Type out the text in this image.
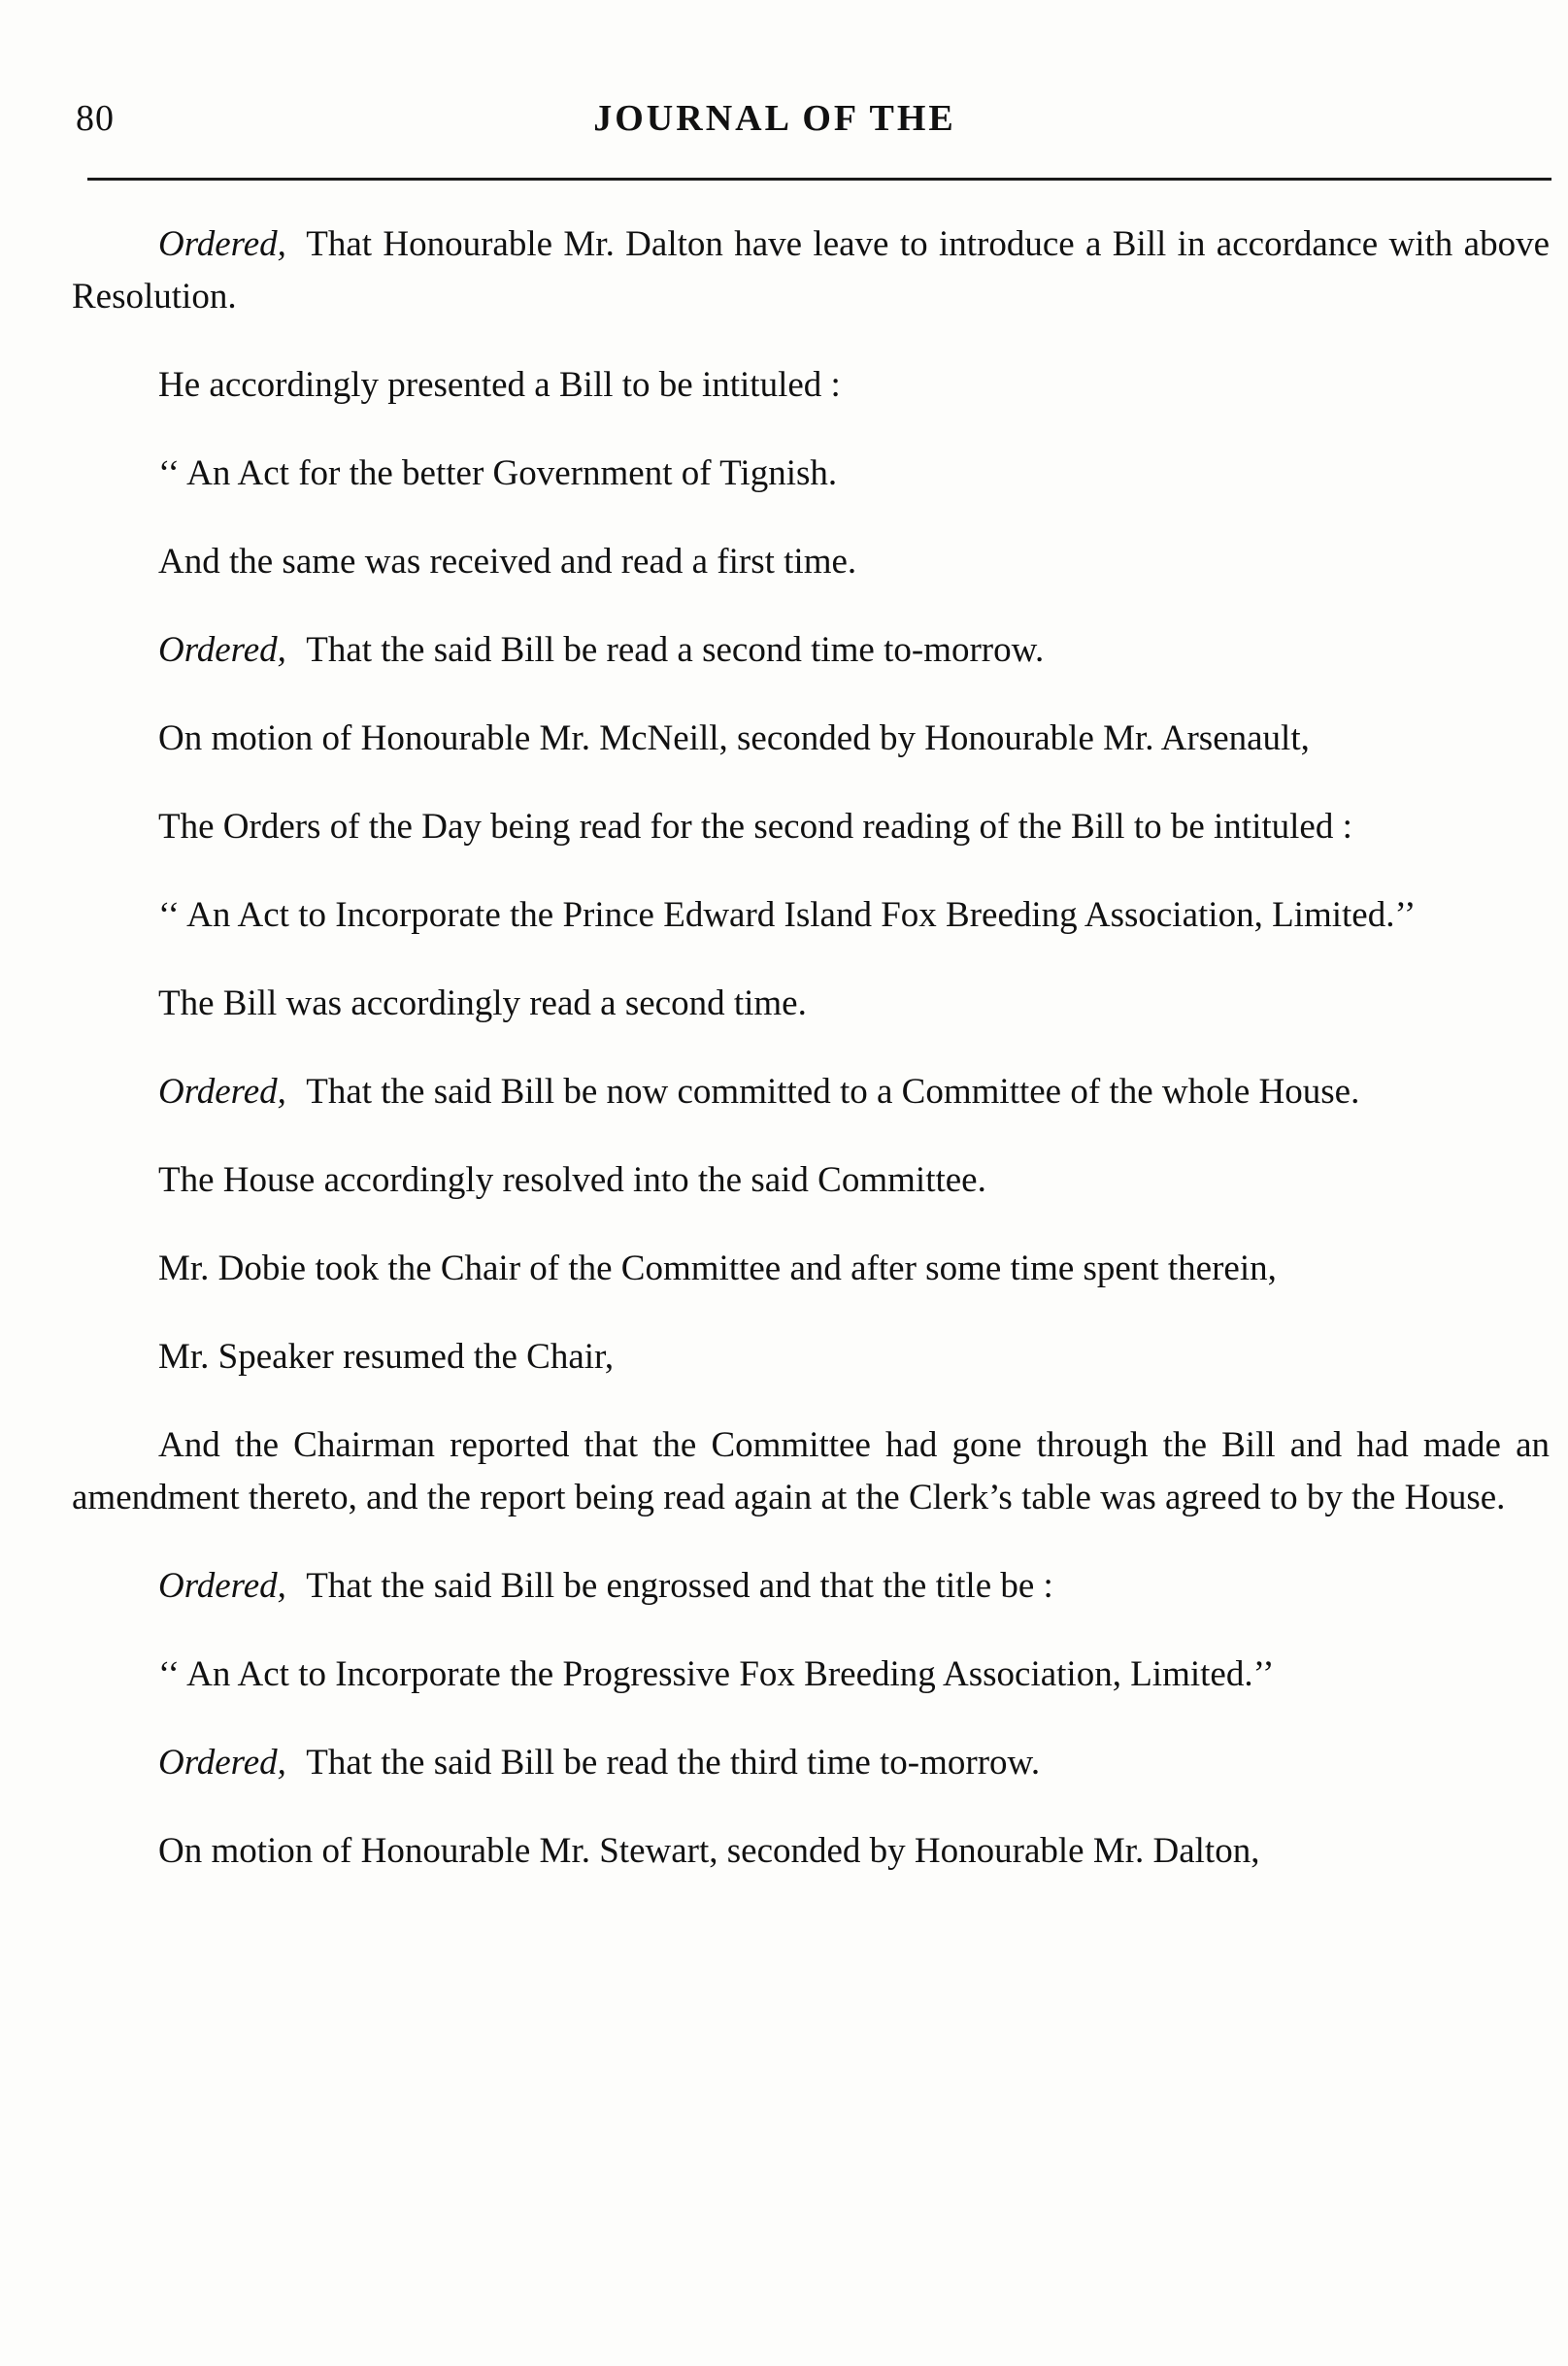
80	JOURNAL OF THE

Ordered, That Honourable Mr. Dalton have leave to introduce a Bill in accordance with above Resolution.

He accordingly presented a Bill to be intituled :

‘‘ An Act for the better Government of Tignish.

And the same was received and read a first time.

Ordered, That the said Bill be read a second time to-morrow.

On motion of Honourable Mr. McNeill, seconded by Honourable Mr. Arsenault,

The Orders of the Day being read for the second reading of the Bill to be intituled :

‘‘ An Act to Incorporate the Prince Edward Island Fox Breeding Association, Limited.’’

The Bill was accordingly read a second time.

Ordered, That the said Bill be now committed to a Committee of the whole House.

The House accordingly resolved into the said Committee.

Mr. Dobie took the Chair of the Committee and after some time spent therein,

Mr. Speaker resumed the Chair,

And the Chairman reported that the Committee had gone through the Bill and had made an amendment thereto, and the report being read again at the Clerk’s table was agreed to by the House.

Ordered, That the said Bill be engrossed and that the title be :

‘‘ An Act to Incorporate the Progressive Fox Breeding Association, Limited.’’

Ordered, That the said Bill be read the third time to-morrow.

On motion of Honourable Mr. Stewart, seconded by Honourable Mr. Dalton,
